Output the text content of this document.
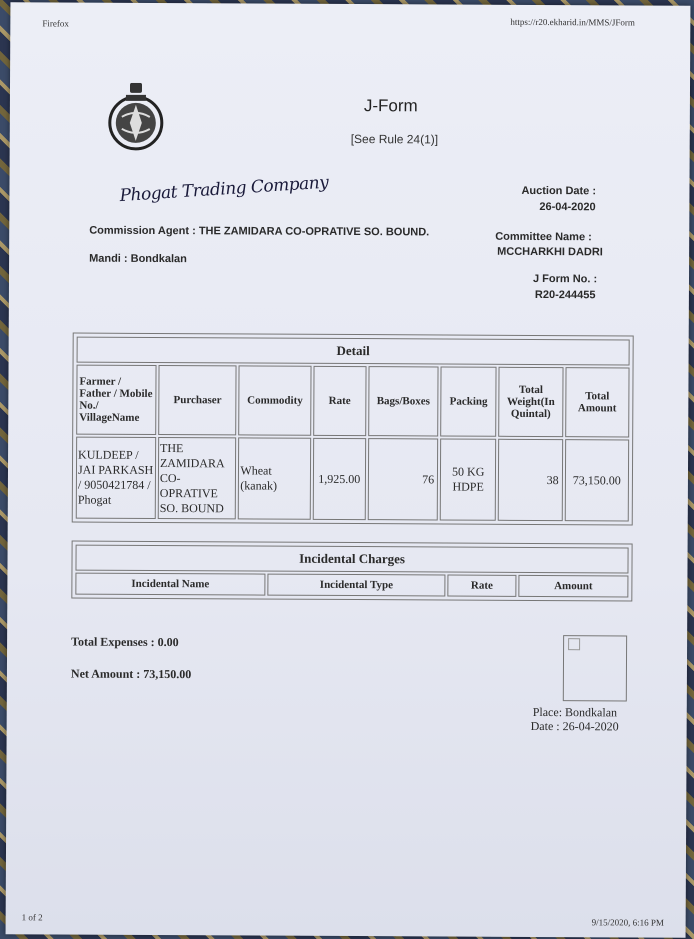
Firefox	https://r20.ekharid.in/MMS/JForm
J-Form
[See Rule 24(1)]
Phogat Trading Company	Auction Date :
26-04-2020
Commission Agent : THE ZAMIDARA CO-OPRATIVE SO. BOUND.	Committee Name :
MCCHARKHI DADRI
Mandi : Bondkalan
J Form No. :
R20-244455
Detail							
Farmer / Father / Mobile No./ VillageName	Purchaser	Commodity	Rate	Bags/Boxes	Packing	Total Weight(In Quintal)	Total Amount
KULDEEP / JAI PARKASH / 9050421784 / Phogat	THE ZAMIDARA CO-OPRATIVE SO. BOUND	Wheat (kanak)	1,925.00	76	50 KG HDPE	38	73,150.00
Incidental Charges
Incidental Name	Incidental Type	Rate	Amount
Total Expenses : 0.00
Net Amount : 73,150.00
Place: Bondkalan
Date : 26-04-2020
1 of 2	9/15/2020, 6:16 PM
